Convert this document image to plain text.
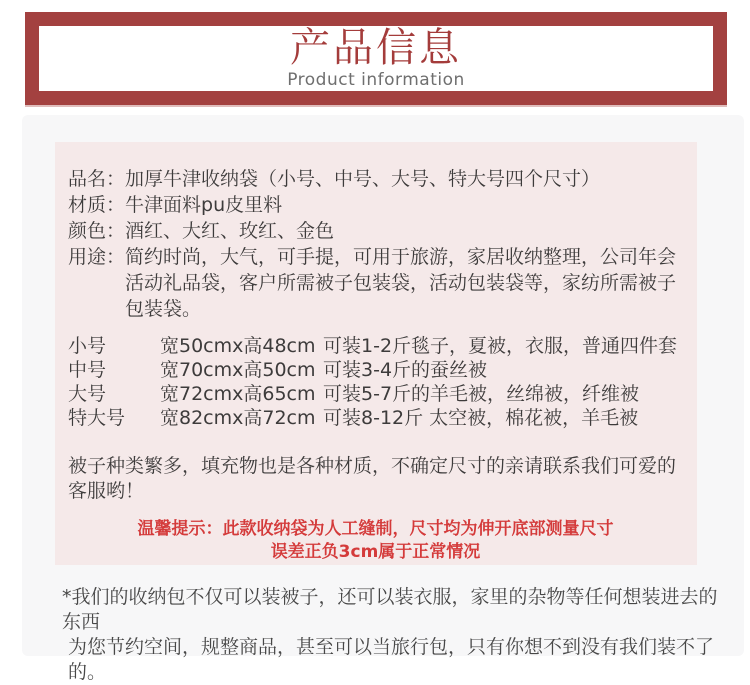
产品信息
Product information
品名： 加厚牛津收纳袋（小号、中号、大号、特大号四个尺寸）
材质： 牛津面料pu皮里料
颜色： 酒红、大红、玫红、金色
用途： 简约时尚，大气，可手提，可用于旅游，家居收纳整理，公司年会活动礼品袋，客户所需被子包装袋，活动包装袋等，家纺所需被子包装袋。
小号	宽50cmx高48cm 可装1-2斤毯子，夏被，衣服，普通四件套
中号	宽70cmx高50cm 可装3-4斤的蚕丝被
大号	宽72cmx高65cm 可装5-7斤的羊毛被，丝绵被，纤维被
特大号	宽82cmx高72cm 可装8-12斤 太空被，棉花被，羊毛被
被子种类繁多，填充物也是各种材质，不确定尺寸的亲请联系我们可爱的客服哟！
温馨提示：此款收纳袋为人工缝制，尺寸均为伸开底部测量尺寸
误差正负3cm属于正常情况
*我们的收纳包不仅可以装被子，还可以装衣服，家里的杂物等任何想装进去的东西
为您节约空间，规整商品，甚至可以当旅行包，只有你想不到没有我们装不了的。
